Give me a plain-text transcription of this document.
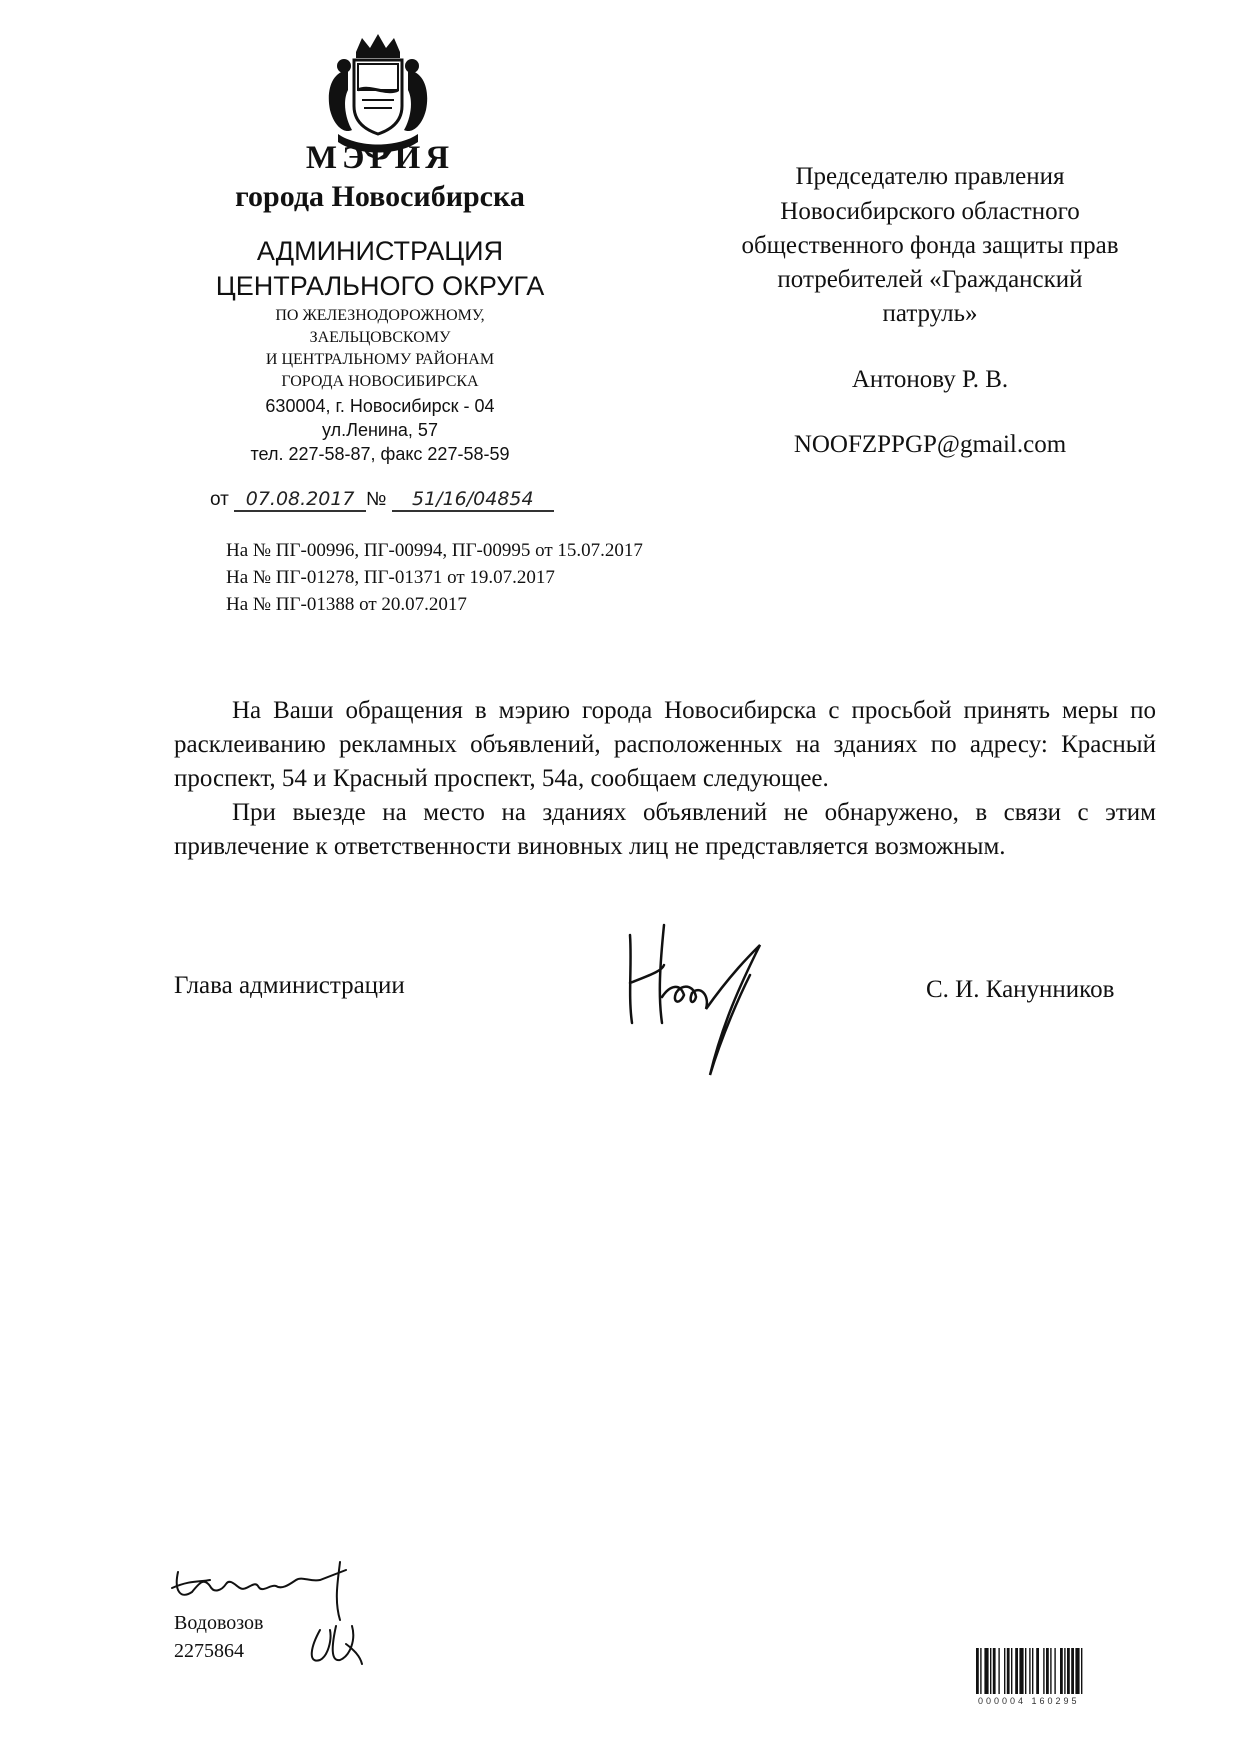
МЭРИЯ
города Новосибирска
АДМИНИСТРАЦИЯ
ЦЕНТРАЛЬНОГО ОКРУГА
ПО ЖЕЛЕЗНОДОРОЖНОМУ,
ЗАЕЛЬЦОВСКОМУ
И ЦЕНТРАЛЬНОМУ РАЙОНАМ
ГОРОДА НОВОСИБИРСКА
630004, г. Новосибирск - 04
ул.Ленина, 57
тел. 227-58-87, факс 227-58-59
от 07.08.2017 № 51/16/04854
Председателю правления
Новосибирского областного
общественного фонда защиты прав
потребителей «Гражданский
патруль»
Антонову Р. В.
NOOFZPPGP@gmail.com
На № ПГ-00996, ПГ-00994, ПГ-00995 от 15.07.2017
На № ПГ-01278, ПГ-01371 от 19.07.2017
На № ПГ-01388 от 20.07.2017

На Ваши обращения в мэрию города Новосибирска с просьбой принять меры по расклеиванию рекламных объявлений, расположенных на зданиях по адресу: Красный проспект, 54 и Красный проспект, 54а, сообщаем следующее.

При выезде на место на зданиях объявлений не обнаружено, в связи с этим привлечение к ответственности виновных лиц не представляется возможным.

Глава администрации	С. И. Канунников
Водовозов
2275864
000004 160295
